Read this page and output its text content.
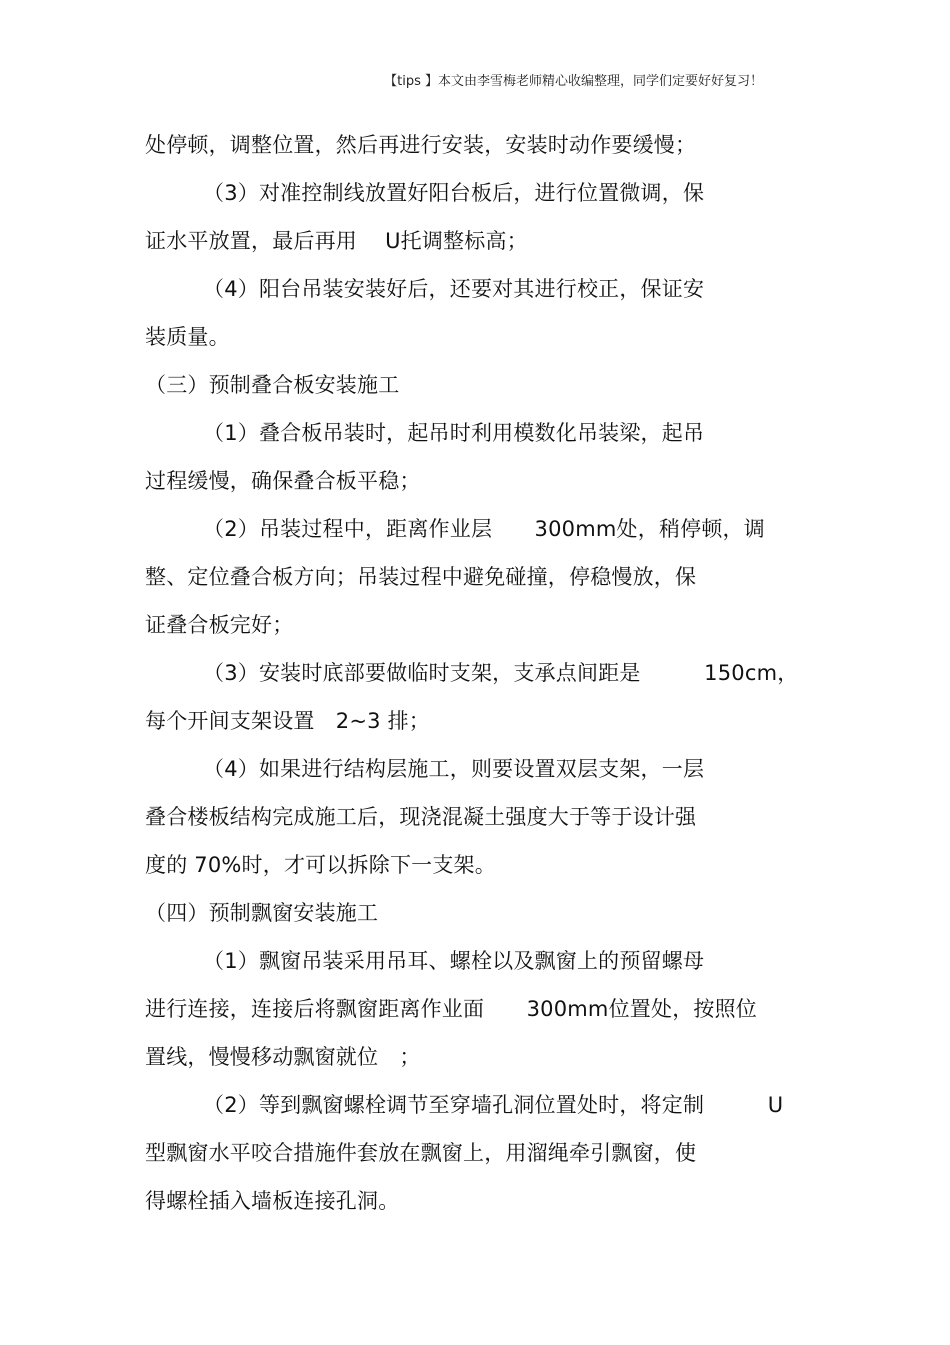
【tips 】本文由李雪梅老师精心收编整理，同学们定要好好复习！
处停顿，调整位置，然后再进行安装，安装时动作要缓慢；
（3）对准控制线放置好阳台板后，进行位置微调，保
证水平放置，最后再用　 U托调整标高；
（4）阳台吊装安装好后，还要对其进行校正，保证安
装质量。
（三）预制叠合板安装施工
（1）叠合板吊装时，起吊时利用模数化吊装梁，起吊
过程缓慢，确保叠合板平稳；
（2）吊装过程中，距离作业层　　300mm处，稍停顿，调
整、定位叠合板方向；吊装过程中避免碰撞，停稳慢放，保
证叠合板完好；
（3）安装时底部要做临时支架，支承点间距是　　　150cm，
每个开间支架设置　2~3 排；
（4）如果进行结构层施工，则要设置双层支架，一层
叠合楼板结构完成施工后，现浇混凝土强度大于等于设计强
度的 70%时，才可以拆除下一支架。
（四）预制飘窗安装施工
（1）飘窗吊装采用吊耳、螺栓以及飘窗上的预留螺母
进行连接，连接后将飘窗距离作业面　　300mm位置处，按照位
置线，慢慢移动飘窗就位　；
（2）等到飘窗螺栓调节至穿墙孔洞位置处时，将定制　　　U
型飘窗水平咬合措施件套放在飘窗上，用溜绳牵引飘窗，使
得螺栓插入墙板连接孔洞。
